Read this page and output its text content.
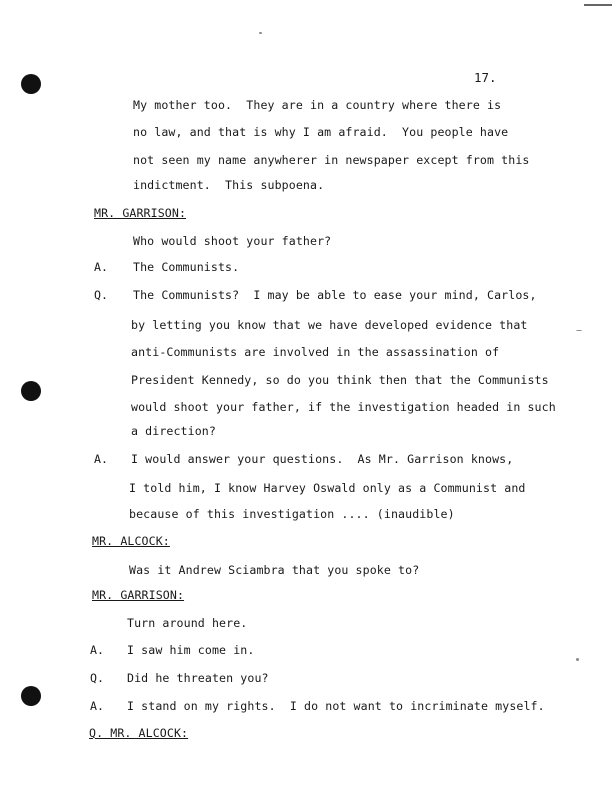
17.
My mother too.  They are in a country where there is
no law, and that is why I am afraid.  You people have
not seen my name anywherer in newspaper except from this
indictment.  This subpoena.
MR. GARRISON:
Who would shoot your father?
A. The Communists.
Q. The Communists?  I may be able to ease your mind, Carlos,
by letting you know that we have developed evidence that
anti-Communists are involved in the assassination of
President Kennedy, so do you think then that the Communists
would shoot your father, if the investigation headed in such
a direction?
A. I would answer your questions.  As Mr. Garrison knows,
I told him, I know Harvey Oswald only as a Communist and
because of this investigation .... (inaudible)
MR. ALCOCK:
Was it Andrew Sciambra that you spoke to?
MR. GARRISON:
Turn around here.
A. I saw him come in.
Q. Did he threaten you?
A. I stand on my rights.  I do not want to incriminate myself.
Q. MR. ALCOCK:
